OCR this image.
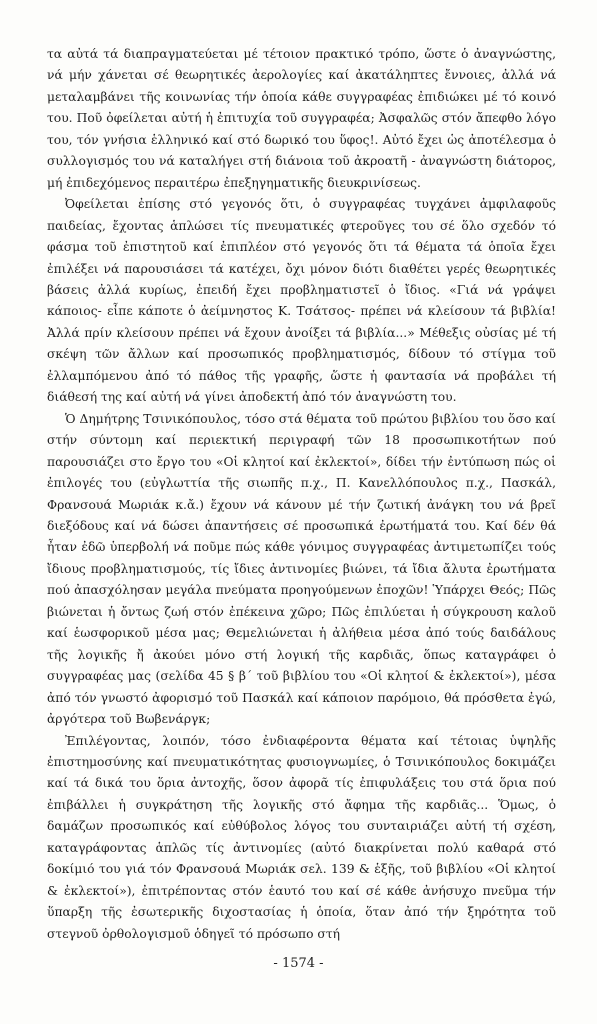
τα αὐτά τά διαπραγματεύεται μέ τέτοιον πρακτικό τρόπο, ὥστε ὁ ἀναγνώστης, νά μήν χάνεται σέ θεωρητικές ἀερολογίες καί ἀκατάληπτες ἔννοιες, ἀλλά νά μεταλαμβάνει τῆς κοινωνίας τήν ὁποία κάθε συγγραφέας ἐπιδιώκει μέ τό κοινό του. Ποῦ ὀφείλεται αὐτή ἡ ἐπιτυχία τοῦ συγγραφέα; Ἀσφαλῶς στόν ἄπεφθο λόγο του, τόν γνήσια ἑλληνικό καί στό δωρικό του ὕφος!. Αὐτό ἔχει ὡς ἀποτέλεσμα ὁ συλλογισμός του νά καταλήγει στή διάνοια τοῦ ἀκροατῆ - ἀναγνώστη διάτορος, μή ἐπιδεχόμενος περαιτέρω ἐπεξηγηματικῆς διευκρινίσεως.

Ὀφείλεται ἐπίσης στό γεγονός ὅτι, ὁ συγγραφέας τυγχάνει ἀμφιλαφοῦς παιδείας, ἔχοντας ἁπλώσει τίς πνευματικές φτεροῦγες του σέ ὅλο σχεδόν τό φάσμα τοῦ ἐπιστητοῦ καί ἐπιπλέον στό γεγονός ὅτι τά θέματα τά ὁποῖα ἔχει ἐπιλέξει νά παρουσιάσει τά κατέχει, ὄχι μόνον διότι διαθέτει γερές θεωρητικές βάσεις ἀλλά κυρίως, ἐπειδή ἔχει προβληματιστεῖ ὁ ἴδιος. «Γιά νά γράψει κάποιος- εἶπε κάποτε ὁ ἀείμνηστος Κ. Τσάτσος- πρέπει νά κλείσουν τά βιβλία! Ἀλλά πρίν κλείσουν πρέπει νά ἔχουν ἀνοίξει τά βιβλία...» Μέθεξις οὐσίας μέ τή σκέψη τῶν ἄλλων καί προσωπικός προβληματισμός, δίδουν τό στίγμα τοῦ ἐλλαμπόμενου ἀπό τό πάθος τῆς γραφῆς, ὥστε ἡ φαντασία νά προβάλει τή διάθεσή της καί αὐτή νά γίνει ἀποδεκτή ἀπό τόν ἀναγνώστη του.

Ὁ Δημήτρης Τσινικόπουλος, τόσο στά θέματα τοῦ πρώτου βιβλίου του ὅσο καί στήν σύντομη καί περιεκτική περιγραφή τῶν 18 προσωπικοτήτων πού παρουσιάζει στο ἔργο του «Οἱ κλητοί καί ἐκλεκτοί», δίδει τήν ἐντύπωση πώς οἱ ἐπιλογές του (εὐγλωττία τῆς σιωπῆς π.χ., Π. Κανελλόπουλος π.χ., Πασκάλ, Φρανσουά Μωριάκ κ.ἄ.) ἔχουν νά κάνουν μέ τήν ζωτική ἀνάγκη του νά βρεῖ διεξόδους καί νά δώσει ἀπαντήσεις σέ προσωπικά ἐρωτήματά του. Καί δέν θά ἦταν ἐδῶ ὑπερβολή νά ποῦμε πώς κάθε γόνιμος συγγραφέας ἀντιμετωπίζει τούς ἴδιους προβληματισμούς, τίς ἴδιες ἀντινομίες βιώνει, τά ἴδια ἄλυτα ἐρωτήματα πού ἀπασχόλησαν μεγάλα πνεύματα προηγούμενων ἐποχῶν! Ὑπάρχει Θεός; Πῶς βιώνεται ἡ ὄντως ζωή στόν ἐπέκεινα χῶρο; Πῶς ἐπιλύεται ἡ σύγκρουση καλοῦ καί ἑωσφορικοῦ μέσα μας; Θεμελιώνεται ἡ ἀλήθεια μέσα ἀπό τούς δαιδάλους τῆς λογικῆς ἤ ἀκούει μόνο στή λογική τῆς καρδιᾶς, ὅπως καταγράφει ὁ συγγραφέας μας (σελίδα 45 § β΄ τοῦ βιβλίου του «Οἱ κλητοί & ἐκλεκτοί»), μέσα ἀπό τόν γνωστό ἀφορισμό τοῦ Πασκάλ καί κάποιον παρόμοιο, θά πρόσθετα ἐγώ, ἀργότερα τοῦ Βωβενάργκ;

Ἐπιλέγοντας, λοιπόν, τόσο ἐνδιαφέροντα θέματα καί τέτοιας ὑψηλῆς ἐπιστημοσύνης καί πνευματικότητας φυσιογνωμίες, ὁ Τσινικόπουλος δοκιμάζει καί τά δικά του ὅρια ἀντοχῆς, ὅσον ἀφορᾶ τίς ἐπιφυλάξεις του στά ὅρια πού ἐπιβάλλει ἡ συγκράτηση τῆς λογικῆς στό ἄφημα τῆς καρδιᾶς... Ὅμως, ὁ δαμάζων προσωπικός καί εὐθύβολος λόγος του συνταιριάζει αὐτή τή σχέση, καταγράφοντας ἁπλῶς τίς ἀντινομίες (αὐτό διακρίνεται πολύ καθαρά στό δοκίμιό του γιά τόν Φρανσουά Μωριάκ σελ. 139 & ἑξῆς, τοῦ βιβλίου «Οἱ κλητοί & ἐκλεκτοί»), ἐπιτρέποντας στόν ἑαυτό του καί σέ κάθε ἀνήσυχο πνεῦμα τήν ὕπαρξη τῆς ἐσωτερικῆς διχοστασίας ἡ ὁποία, ὅταν ἀπό τήν ξηρότητα τοῦ στεγνοῦ ὀρθολογισμοῦ ὁδηγεῖ τό πρόσωπο στή

- 1574 -
